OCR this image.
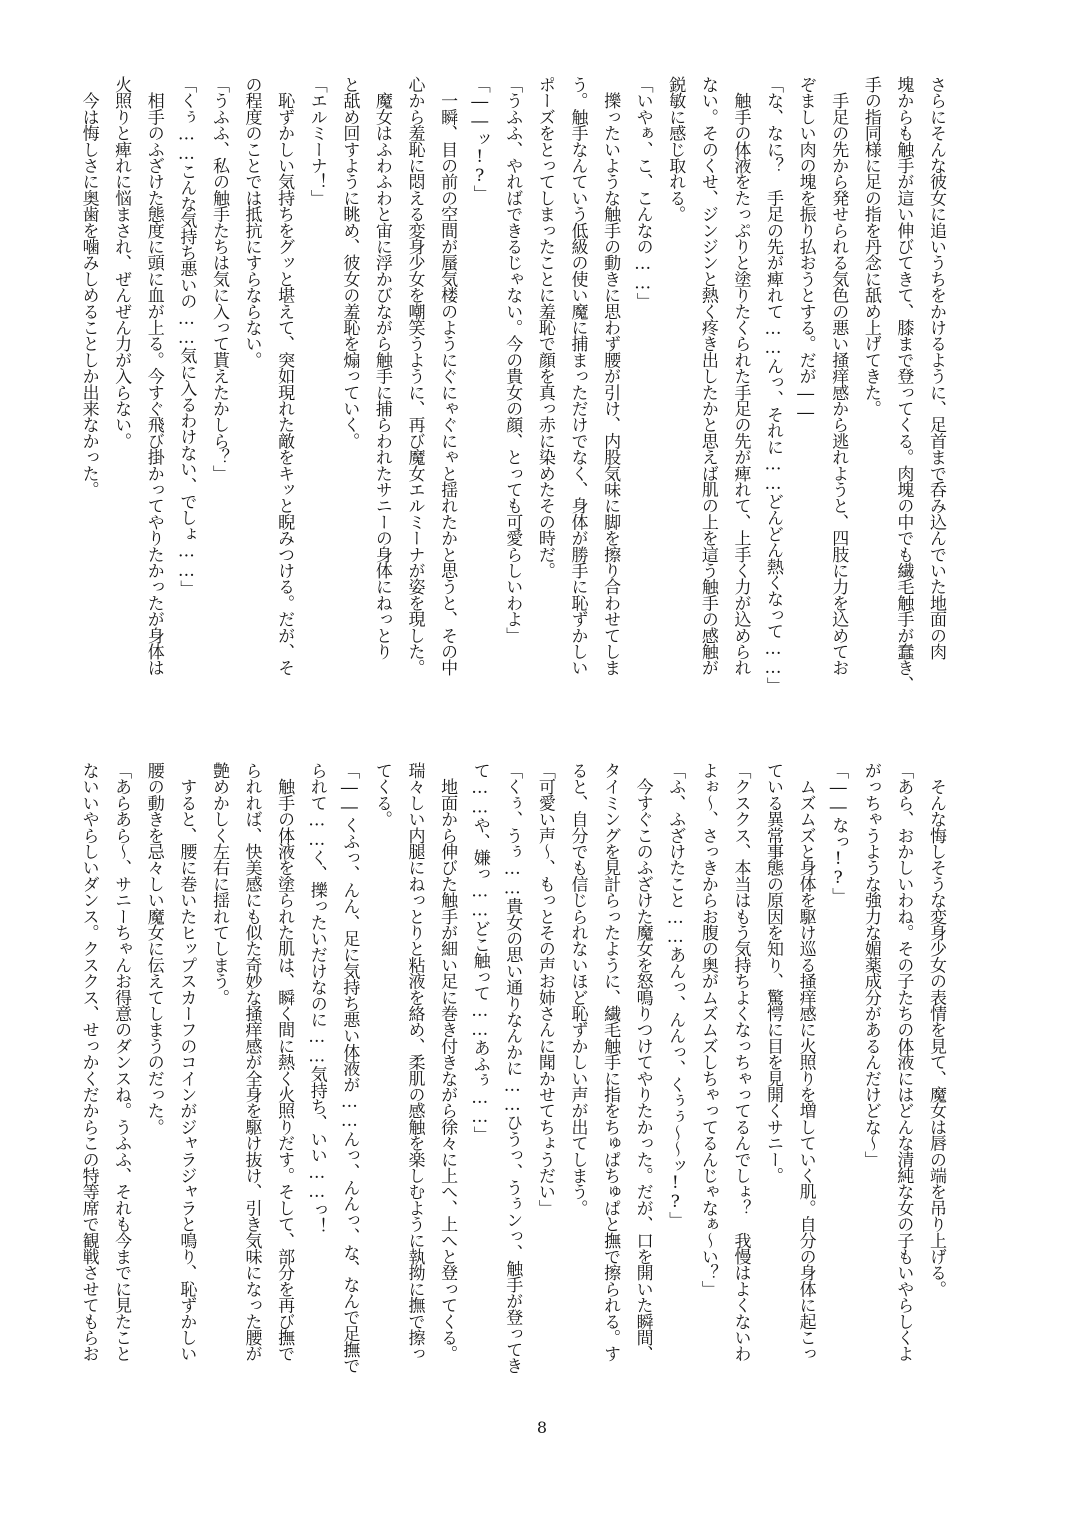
さらにそんな彼女に追いうちをかけるように、足首まで呑み込んでいた地面の肉
塊からも触手が這い伸びてきて、膝まで登ってくる。肉塊の中でも繊毛触手が蠢き、
手の指同様に足の指を丹念に舐め上げてきた。
　手足の先から発せられる気色の悪い掻痒感から逃れようと、四肢に力を込めてお
ぞましい肉の塊を振り払おうとする。だが――
「な、なに？　手足の先が痺れて……んっ、それに……どんどん熱くなって……」
　触手の体液をたっぷりと塗りたくられた手足の先が痺れて、上手く力が込められ
ない。そのくせ、ジンジンと熱く疼き出したかと思えば肌の上を這う触手の感触が
鋭敏に感じ取れる。
「いやぁ、こ、こんなの……」
　擽ったいような触手の動きに思わず腰が引け、内股気味に脚を擦り合わせてしま
う。触手なんていう低級の使い魔に捕まっただけでなく、身体が勝手に恥ずかしい
ポーズをとってしまったことに羞恥で顔を真っ赤に染めたその時だ。
「うふふ、やればできるじゃない。今の貴女の顔、とっても可愛らしいわよ」
「――ッ!?」
　一瞬、目の前の空間が蜃気楼のようにぐにゃぐにゃと揺れたかと思うと、その中
心から羞恥に悶える変身少女を嘲笑うように、再び魔女エルミーナが姿を現した。
　魔女はふわふわと宙に浮かびながら触手に捕らわれたサニーの身体にねっとり
と舐め回すように眺め、彼女の羞恥を煽っていく。
「エルミーナ！」
　恥ずかしい気持ちをグッと堪えて、突如現れた敵をキッと睨みつける。だが、そ
の程度のことでは抵抗にすらならない。
「うふふ、私の触手たちは気に入って貰えたかしら？」
「くぅ……こんな気持ち悪いの……気に入るわけない、でしょ……」
　相手のふざけた態度に頭に血が上る。今すぐ飛び掛かってやりたかったが身体は
火照りと痺れに悩まされ、ぜんぜん力が入らない。
　今は悔しさに奥歯を噛みしめることしか出来なかった。
　そんな悔しそうな変身少女の表情を見て、魔女は唇の端を吊り上げる。
「あら、おかしいわね。その子たちの体液にはどんな清純な女の子もいやらしくよ
がっちゃうような強力な媚薬成分があるんだけどな～」
「――なっ!?」
　ムズムズと身体を駆け巡る掻痒感に火照りを増していく肌。自分の身体に起こっ
ている異常事態の原因を知り、驚愕に目を見開くサニー。
「クスクス、本当はもう気持ちよくなっちゃってるんでしょ？　我慢はよくないわ
よぉ～、さっきからお腹の奥がムズムズしちゃってるんじゃなぁ～い？」
「ふ、ふざけたこと……あんっ、んんっ、くぅぅ～～ッ!?」
　今すぐこのふざけた魔女を怒鳴りつけてやりたかった。だが、口を開いた瞬間、
タイミングを見計らったように、繊毛触手に指をちゅぱちゅぱと撫で擦られる。す
ると、自分でも信じられないほど恥ずかしい声が出てしまう。
「可愛い声～、もっとその声お姉さんに聞かせてちょうだい」
「くぅ、うぅ……貴女の思い通りなんかに……ひうっ、うぅンっ、触手が登ってき
て……や、嫌っ……どこ触って……あふぅ……」
　地面から伸びた触手が細い足に巻き付きながら徐々に上へ、上へと登ってくる。
瑞々しい内腿にねっとりと粘液を絡め、柔肌の感触を楽しむように執拗に撫で擦っ
てくる。
「――くふっ、んん、足に気持ち悪い体液が……んっ、んんっ、な、なんで足撫で
られて……く、擽ったいだけなのに……気持ち、いい……っ！
　触手の体液を塗られた肌は、瞬く間に熱く火照りだす。そして、部分を再び撫で
られれば、快美感にも似た奇妙な掻痒感が全身を駆け抜け、引き気味になった腰が
艶めかしく左右に揺れてしまう。
　すると、腰に巻いたヒップスカーフのコインがジャラジャラと鳴り、恥ずかしい
腰の動きを忌々しい魔女に伝えてしまうのだった。
「あらあら～、サニーちゃんお得意のダンスね。うふふ、それも今までに見たこと
ないいやらしいダンス。クスクス、せっかくだからこの特等席で観戦させてもらお
8
